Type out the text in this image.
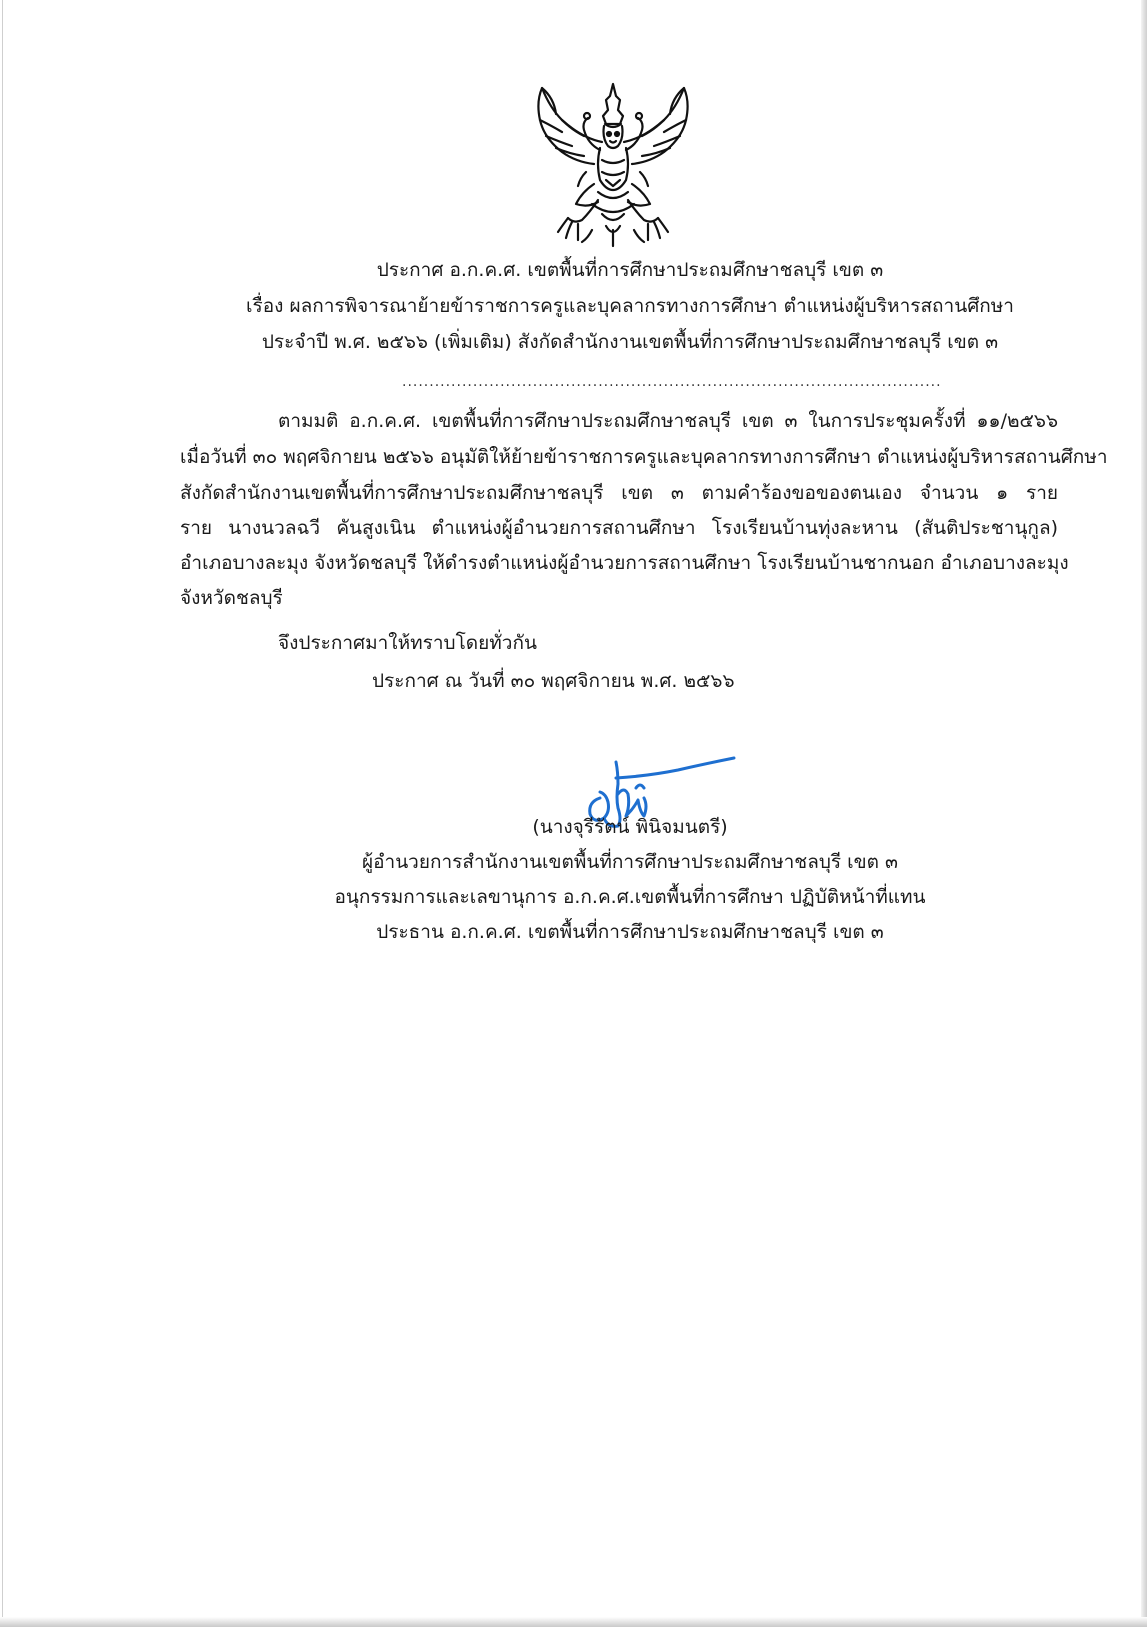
ประกาศ อ.ก.ค.ศ. เขตพื้นที่การศึกษาประถมศึกษาชลบุรี เขต ๓
เรื่อง ผลการพิจารณาย้ายข้าราชการครูและบุคลากรทางการศึกษา ตำแหน่งผู้บริหารสถานศึกษา
ประจำปี พ.ศ. ๒๕๖๖ (เพิ่มเติม) สังกัดสำนักงานเขตพื้นที่การศึกษาประถมศึกษาชลบุรี เขต ๓
...................................................................................................
ตามมติ อ.ก.ค.ศ. เขตพื้นที่การศึกษาประถมศึกษาชลบุรี เขต ๓ ในการประชุมครั้งที่ ๑๑/๒๕๖๖
เมื่อวันที่ ๓๐ พฤศจิกายน ๒๕๖๖ อนุมัติให้ย้ายข้าราชการครูและบุคลากรทางการศึกษา ตำแหน่งผู้บริหารสถานศึกษา
สังกัดสำนักงานเขตพื้นที่การศึกษาประถมศึกษาชลบุรี เขต ๓ ตามคำร้องขอของตนเอง จำนวน ๑ ราย
ราย นางนวลฉวี คันสูงเนิน ตำแหน่งผู้อำนวยการสถานศึกษา โรงเรียนบ้านทุ่งละหาน (สันติประชานุกูล)
อำเภอบางละมุง จังหวัดชลบุรี ให้ดำรงตำแหน่งผู้อำนวยการสถานศึกษา โรงเรียนบ้านชากนอก อำเภอบางละมุง
จังหวัดชลบุรี
จึงประกาศมาให้ทราบโดยทั่วกัน
ประกาศ ณ วันที่ ๓๐ พฤศจิกายน พ.ศ. ๒๕๖๖
(นางจุรีรัตน์ พินิจมนตรี)
ผู้อำนวยการสำนักงานเขตพื้นที่การศึกษาประถมศึกษาชลบุรี เขต ๓
อนุกรรมการและเลขานุการ อ.ก.ค.ศ.เขตพื้นที่การศึกษา ปฏิบัติหน้าที่แทน
ประธาน อ.ก.ค.ศ. เขตพื้นที่การศึกษาประถมศึกษาชลบุรี เขต ๓
